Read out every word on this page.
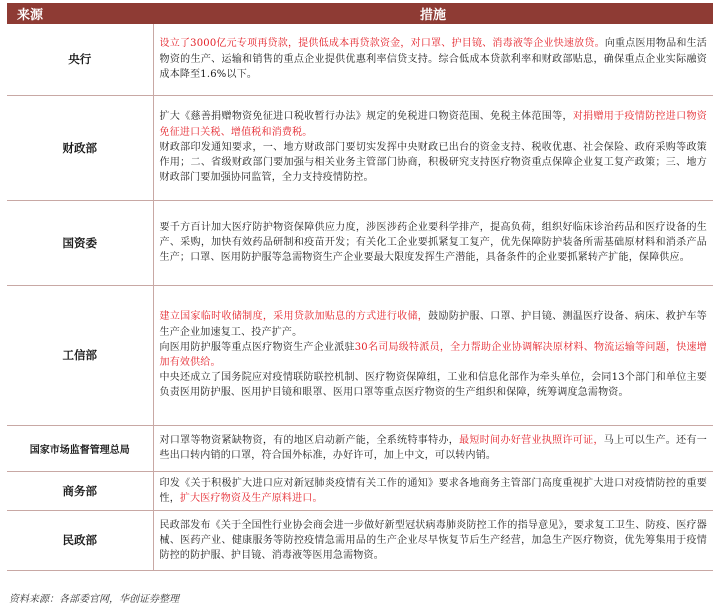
来源	措施
央行	设立了3000亿元专项再贷款，提供低成本再贷款资金，对口罩、护目镜、消毒液等企业快速放贷。向重点医用物品和生活物资的生产、运输和销售的重点企业提供优惠利率信贷支持。综合低成本贷款利率和财政部贴息，确保重点企业实际融资成本降至1.6%以下。

财政部	扩大《慈善捐赠物资免征进口税收暂行办法》规定的免税进口物资范围、免税主体范围等，对捐赠用于疫情防控进口物资免征进口关税、增值税和消费税。

财政部印发通知要求，一、地方财政部门要切实发挥中央财政已出台的资金支持、税收优惠、社会保险、政府采购等政策作用；二、省级财政部门要加强与相关业务主管部门协商，积极研究支持医疗物资重点保障企业复工复产政策；三、地方财政部门要加强协同监管，全力支持疫情防控。

国资委	要千方百计加大医疗防护物资保障供应力度，涉医涉药企业要科学排产，提高负荷，组织好临床诊治药品和医疗设备的生产、采购，加快有效药品研制和疫苗开发；有关化工企业要抓紧复工复产，优先保障防护装备所需基础原材料和消杀产品生产；口罩、医用防护服等急需物资生产企业要最大限度发挥生产潜能，具备条件的企业要抓紧转产扩能，保障供应。

工信部	建立国家临时收储制度，采用贷款加贴息的方式进行收储，鼓励防护服、口罩、护目镜、测温医疗设备、病床、救护车等生产企业加速复工、投产扩产。

向医用防护服等重点医疗物资生产企业派驻30名司局级特派员，全力帮助企业协调解决原材料、物流运输等问题，快速增加有效供给。

中央还成立了国务院应对疫情联防联控机制、医疗物资保障组，工业和信息化部作为牵头单位，会同13个部门和单位主要负责医用防护服、医用护目镜和眼罩、医用口罩等重点医疗物资的生产组织和保障，统筹调度急需物资。

国家市场监督管理总局	对口罩等物资紧缺物资，有的地区启动新产能，全系统特事特办，最短时间办好营业执照许可证，马上可以生产。还有一些出口转内销的口罩，符合国外标准，办好许可，加上中文，可以转内销。

商务部	印发《关于积极扩大进口应对新冠肺炎疫情有关工作的通知》要求各地商务主管部门高度重视扩大进口对疫情防控的重要性，扩大医疗物资及生产原料进口。

民政部	民政部发布《关于全国性行业协会商会进一步做好新型冠状病毒肺炎防控工作的指导意见》，要求复工卫生、防疫、医疗器械、医药产业、健康服务等防控疫情急需用品的生产企业尽早恢复节后生产经营，加急生产医疗物资，优先筹集用于疫情防控的防护服、护目镜、消毒液等医用急需物资。

资料来源：各部委官网，华创证券整理
